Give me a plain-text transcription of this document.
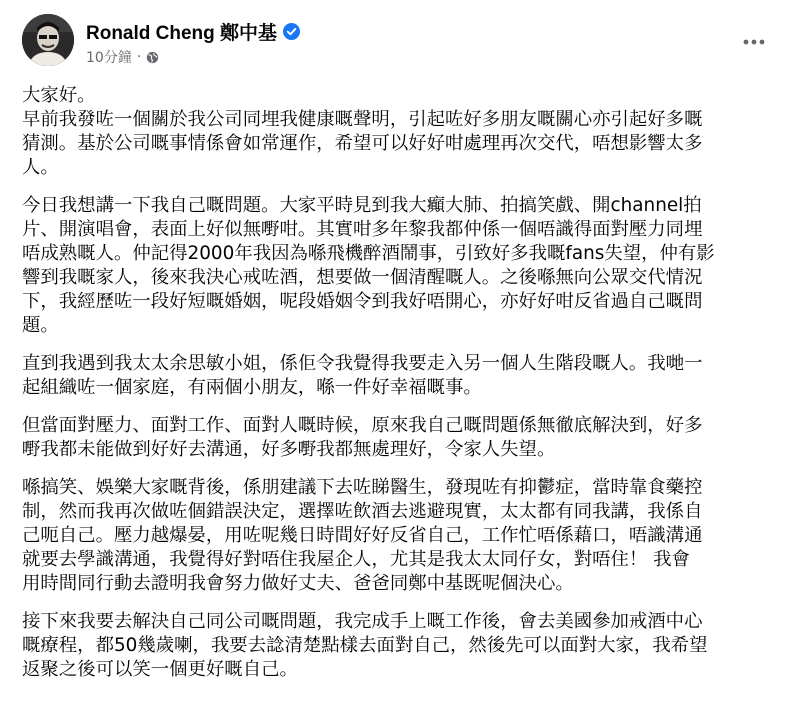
Ronald Cheng 鄭中基
10分鐘 ·

大家好。
早前我發咗一個關於我公司同埋我健康嘅聲明，引起咗好多朋友嘅關心亦引起好多嘅
猜測。基於公司嘅事情係會如常運作，希望可以好好咁處理再次交代，唔想影響太多
人。

今日我想講一下我自己嘅問題。大家平時見到我大癲大肺、拍搞笑戲、開channel拍
片、開演唱會，表面上好似無嘢咁。其實咁多年黎我都仲係一個唔識得面對壓力同埋
唔成熟嘅人。仲記得2000年我因為喺飛機醉酒鬧事，引致好多我嘅fans失望，仲有影
響到我嘅家人，後來我決心戒咗酒，想要做一個清醒嘅人。之後喺無向公眾交代情況
下，我經歷咗一段好短嘅婚姻，呢段婚姻令到我好唔開心，亦好好咁反省過自己嘅問
題。

直到我遇到我太太余思敏小姐，係佢令我覺得我要走入另一個人生階段嘅人。我哋一
起組織咗一個家庭，有兩個小朋友，喺一件好幸福嘅事。

但當面對壓力、面對工作、面對人嘅時候，原來我自己嘅問題係無徹底解決到，好多
嘢我都未能做到好好去溝通，好多嘢我都無處理好，令家人失望。

喺搞笑、娛樂大家嘅背後，係朋建議下去咗睇醫生，發現咗有抑鬱症，當時靠食藥控
制，然而我再次做咗個錯誤決定，選擇咗飲酒去逃避現實，太太都有同我講，我係自
己呃自己。壓力越爆晏，用咗呢幾日時間好好反省自己，工作忙唔係藉口，唔識溝通
就要去學識溝通，我覺得好對唔住我屋企人，尤其是我太太同仔女，對唔住！ 我會
用時間同行動去證明我會努力做好丈夫、爸爸同鄭中基既呢個決心。

接下來我要去解決自己同公司嘅問題，我完成手上嘅工作後，會去美國參加戒酒中心
嘅療程，都50幾歲喇，我要去諗清楚點樣去面對自己，然後先可以面對大家，我希望
返聚之後可以笑一個更好嘅自己。
